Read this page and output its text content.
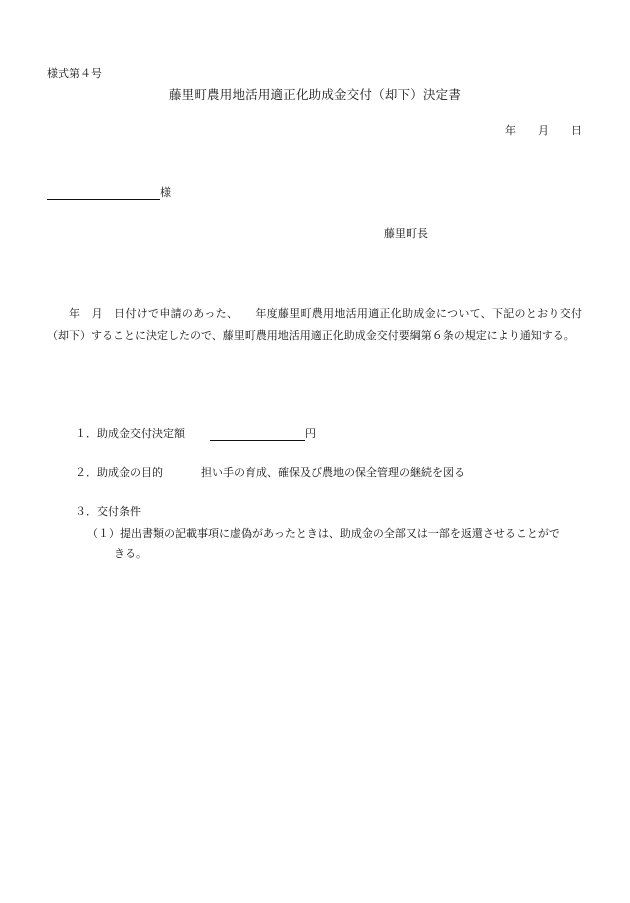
様式第４号
藤里町農用地活用適正化助成金交付（却下）決定書
年 月 日
様
藤里町長
年　月　日付けで申請のあった、　　年度藤里町農用地活用適正化助成金について、下記のとおり交付（却下）することに決定したので、藤里町農用地活用適正化助成金交付要綱第６条の規定により通知する。
１．助成金交付決定額	円
２．助成金の目的	担い手の育成、確保及び農地の保全管理の継続を図る
３．交付条件
（１）提出書類の記載事項に虚偽があったときは、助成金の全部又は一部を返還させることがで
きる。
